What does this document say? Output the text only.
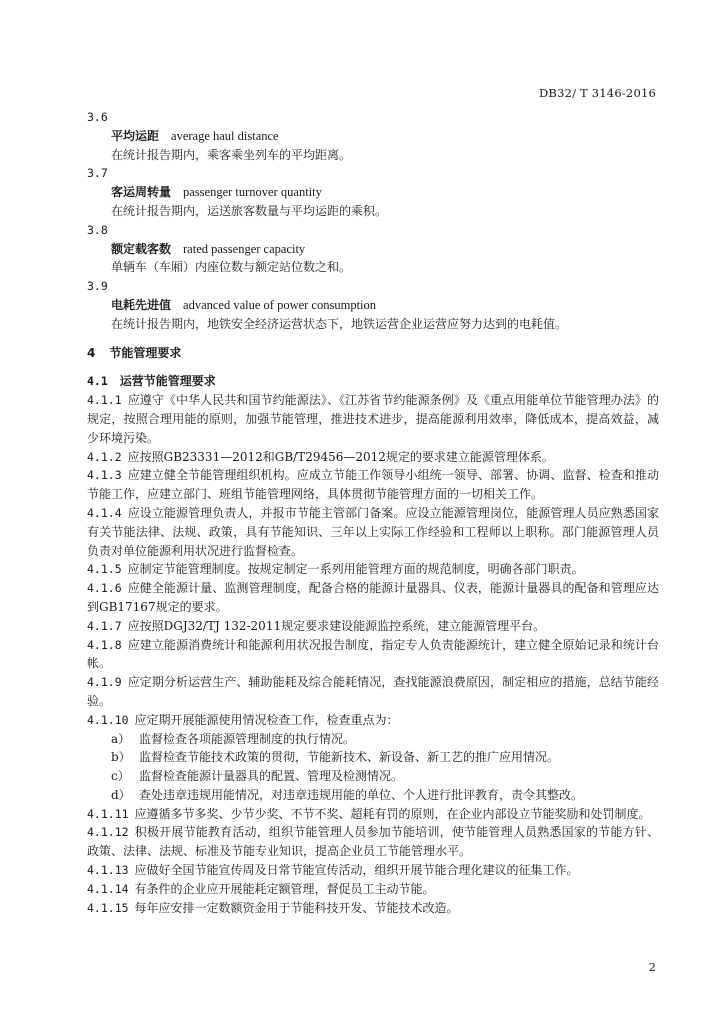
DB32/ T 3146-2016
3.6
平均运距 average haul distance
在统计报告期内，乘客乘坐列车的平均距离。
3.7
客运周转量 passenger turnover quantity
在统计报告期内，运送旅客数量与平均运距的乘积。
3.8
额定载客数 rated passenger capacity
单辆车（车厢）内座位数与额定站位数之和。
3.9
电耗先进值 advanced value of power consumption
在统计报告期内，地铁安全经济运营状态下，地铁运营企业运营应努力达到的电耗值。
4 节能管理要求
4.1 运营节能管理要求
4.1.1 应遵守《中华人民共和国节约能源法》、《江苏省节约能源条例》及《重点用能单位节能管理办法》的规定，按照合理用能的原则，加强节能管理，推进技术进步，提高能源利用效率，降低成本，提高效益，减少环境污染。
4.1.2 应按照GB23331—2012和GB/T29456—2012规定的要求建立能源管理体系。
4.1.3 应建立健全节能管理组织机构。应成立节能工作领导小组统一领导、部署、协调、监督、检查和推动节能工作，应建立部门、班组节能管理网络，具体贯彻节能管理方面的一切相关工作。
4.1.4 应设立能源管理负责人，并报市节能主管部门备案。应设立能源管理岗位，能源管理人员应熟悉国家有关节能法律、法规、政策，具有节能知识、三年以上实际工作经验和工程师以上职称。部门能源管理人员负责对单位能源利用状况进行监督检查。
4.1.5 应制定节能管理制度。按规定制定一系列用能管理方面的规范制度，明确各部门职责。
4.1.6 应健全能源计量、监测管理制度，配备合格的能源计量器具、仪表，能源计量器具的配备和管理应达到GB17167规定的要求。
4.1.7 应按照DGJ32/TJ 132-2011规定要求建设能源监控系统，建立能源管理平台。
4.1.8 应建立能源消费统计和能源利用状况报告制度，指定专人负责能源统计，建立健全原始记录和统计台帐。
4.1.9 应定期分析运营生产、辅助能耗及综合能耗情况，查找能源浪费原因，制定相应的措施，总结节能经验。
4.1.10 应定期开展能源使用情况检查工作，检查重点为：
a） 监督检查各项能源管理制度的执行情况。
b） 监督检查节能技术政策的贯彻，节能新技术、新设备、新工艺的推广应用情况。
c） 监督检查能源计量器具的配置、管理及检测情况。
d） 查处违章违规用能情况，对违章违规用能的单位、个人进行批评教育，责令其整改。
4.1.11 应遵循多节多奖、少节少奖、不节不奖、超耗有罚的原则，在企业内部设立节能奖励和处罚制度。
4.1.12 积极开展节能教育活动，组织节能管理人员参加节能培训，使节能管理人员熟悉国家的节能方针、政策、法律、法规、标准及节能专业知识，提高企业员工节能管理水平。
4.1.13 应做好全国节能宣传周及日常节能宣传活动，组织开展节能合理化建议的征集工作。
4.1.14 有条件的企业应开展能耗定额管理，督促员工主动节能。
4.1.15 每年应安排一定数额资金用于节能科技开发、节能技术改造。
2
